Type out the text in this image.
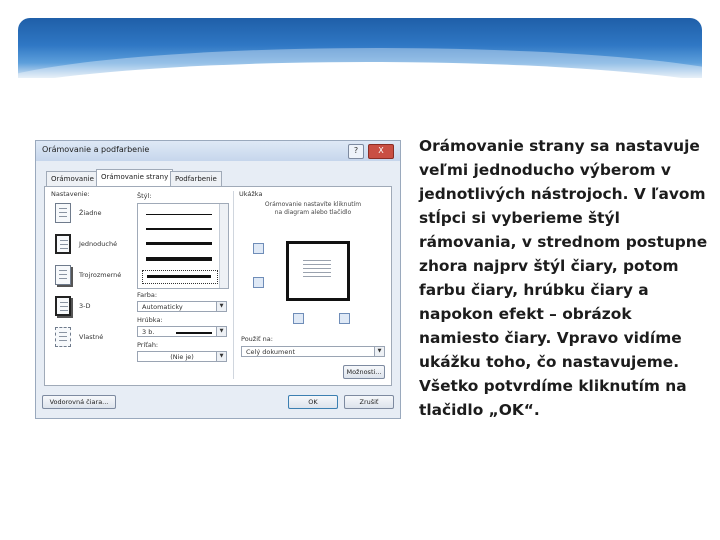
Orámovanie a podfarbenie	?	X
Orámovanie	Orámovanie strany Podfarbenie
Nastavenie:
Žiadne
Jednoduché
Trojrozmerné
3-D
Vlastné
Štýl:
Farba:
Automaticky	▼
Hrúbka:
3 b.	▼
Príťah:
(Nie je)	▼
Ukážka
Orámovanie nastavíte kliknutím na diagram alebo tlačidlo
Použiť na:
Celý dokument	▼
Možnosti...
Vodorovná čiara...	OK	Zrušiť
Orámovanie strany sa nastavuje veľmi jednoducho výberom v jednotlivých nástrojoch. V ľavom stĺpci si vyberieme štýl rámovania, v strednom postupne zhora najprv štýl čiary, potom farbu čiary, hrúbku čiary a napokon efekt – obrázok namiesto čiary. Vpravo vidíme ukážku toho, čo nastavujeme. Všetko potvrdíme kliknutím na tlačidlo „OK“.
